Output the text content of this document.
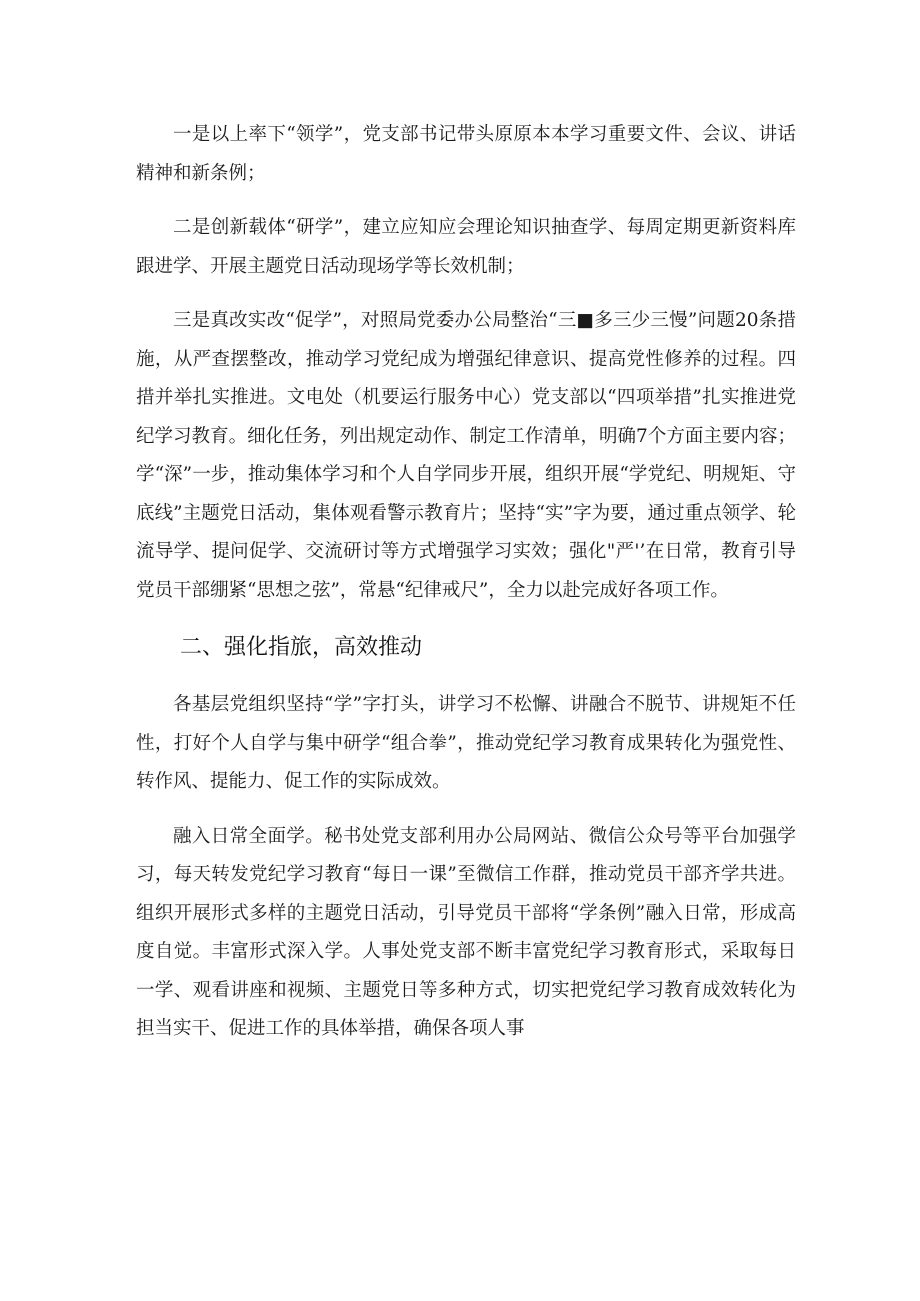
一是以上率下“领学”，党支部书记带头原原本本学习重要文件、会议、讲话精神和新条例；

二是创新载体“研学”，建立应知应会理论知识抽查学、每周定期更新资料库跟进学、开展主题党日活动现场学等长效机制；

三是真改实改“促学”，对照局党委办公局整治“三■多三少三慢”问题20条措施，从严查摆整改，推动学习党纪成为增强纪律意识、提高党性修养的过程。四措并举扎实推进。文电处（机要运行服务中心）党支部以“四项举措”扎实推进党纪学习教育。细化任务，列出规定动作、制定工作清单，明确7个方面主要内容；学“深”一步，推动集体学习和个人自学同步开展，组织开展“学党纪、明规矩、守底线”主题党日活动，集体观看警示教育片；坚持“实”字为要，通过重点领学、轮流导学、提问促学、交流研讨等方式增强学习实效；强化"严'’在日常，教育引导党员干部绷紧“思想之弦”，常悬“纪律戒尺”，全力以赴完成好各项工作。

二、强化指旅，高效推动

各基层党组织坚持“学”字打头，讲学习不松懈、讲融合不脱节、讲规矩不任性，打好个人自学与集中研学“组合拳”，推动党纪学习教育成果转化为强党性、转作风、提能力、促工作的实际成效。

融入日常全面学。秘书处党支部利用办公局网站、微信公众号等平台加强学习，每天转发党纪学习教育“每日一课”至微信工作群，推动党员干部齐学共进。组织开展形式多样的主题党日活动，引导党员干部将“学条例”融入日常，形成高度自觉。丰富形式深入学。人事处党支部不断丰富党纪学习教育形式，采取每日一学、观看讲座和视频、主题党日等多种方式，切实把党纪学习教育成效转化为担当实干、促进工作的具体举措，确保各项人事
